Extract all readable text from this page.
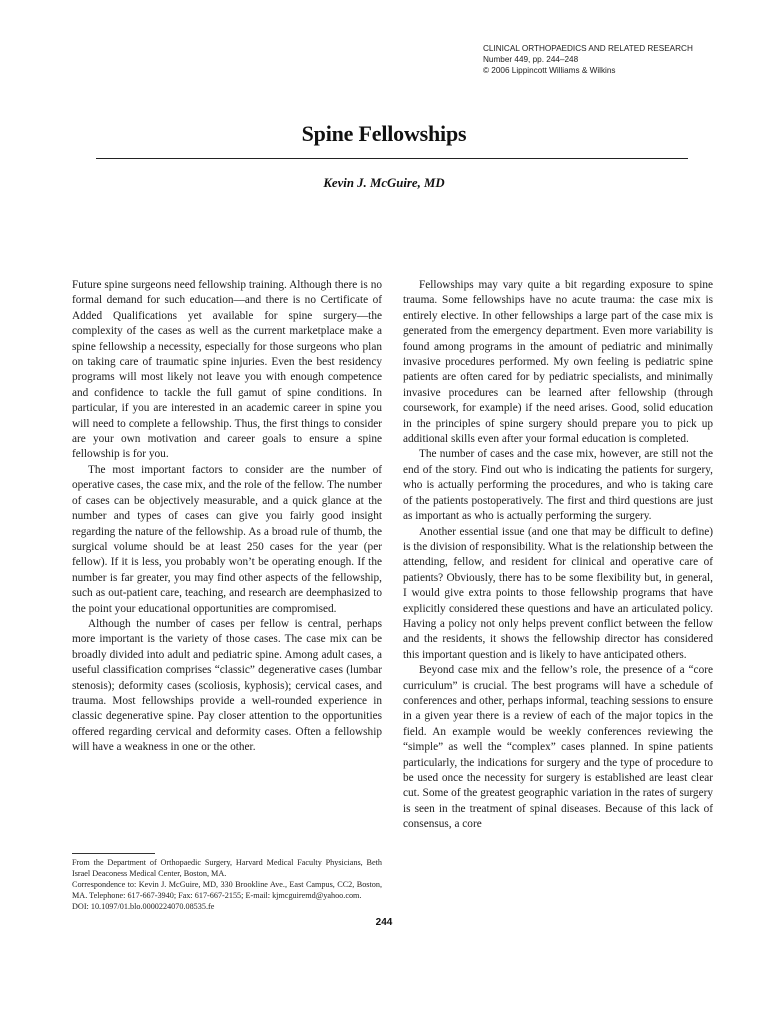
CLINICAL ORTHOPAEDICS AND RELATED RESEARCH
Number 449, pp. 244–248
© 2006 Lippincott Williams & Wilkins
Spine Fellowships
Kevin J. McGuire, MD

Future spine surgeons need fellowship training. Although there is no formal demand for such education—and there is no Certificate of Added Qualifications yet available for spine surgery—the complexity of the cases as well as the current marketplace make a spine fellowship a necessity, especially for those surgeons who plan on taking care of traumatic spine injuries. Even the best residency programs will most likely not leave you with enough competence and confidence to tackle the full gamut of spine conditions. In particular, if you are interested in an academic career in spine you will need to complete a fellowship. Thus, the first things to consider are your own motivation and career goals to ensure a spine fellowship is for you.

The most important factors to consider are the number of operative cases, the case mix, and the role of the fellow. The number of cases can be objectively measurable, and a quick glance at the number and types of cases can give you fairly good insight regarding the nature of the fellowship. As a broad rule of thumb, the surgical volume should be at least 250 cases for the year (per fellow). If it is less, you probably won’t be operating enough. If the number is far greater, you may find other aspects of the fellowship, such as out-patient care, teaching, and research are deemphasized to the point your educational opportunities are compromised.

Although the number of cases per fellow is central, perhaps more important is the variety of those cases. The case mix can be broadly divided into adult and pediatric spine. Among adult cases, a useful classification comprises “classic” degenerative cases (lumbar stenosis); deformity cases (scoliosis, kyphosis); cervical cases, and trauma. Most fellowships provide a well-rounded experience in classic degenerative spine. Pay closer attention to the opportunities offered regarding cervical and deformity cases. Often a fellowship will have a weakness in one or the other.

Fellowships may vary quite a bit regarding exposure to spine trauma. Some fellowships have no acute trauma: the case mix is entirely elective. In other fellowships a large part of the case mix is generated from the emergency department. Even more variability is found among programs in the amount of pediatric and minimally invasive procedures performed. My own feeling is pediatric spine patients are often cared for by pediatric specialists, and minimally invasive procedures can be learned after fellowship (through coursework, for example) if the need arises. Good, solid education in the principles of spine surgery should prepare you to pick up additional skills even after your formal education is completed.

The number of cases and the case mix, however, are still not the end of the story. Find out who is indicating the patients for surgery, who is actually performing the procedures, and who is taking care of the patients postoperatively. The first and third questions are just as important as who is actually performing the surgery.

Another essential issue (and one that may be difficult to define) is the division of responsibility. What is the relationship between the attending, fellow, and resident for clinical and operative care of patients? Obviously, there has to be some flexibility but, in general, I would give extra points to those fellowship programs that have explicitly considered these questions and have an articulated policy. Having a policy not only helps prevent conflict between the fellow and the residents, it shows the fellowship director has considered this important question and is likely to have anticipated others.

Beyond case mix and the fellow’s role, the presence of a “core curriculum” is crucial. The best programs will have a schedule of conferences and other, perhaps informal, teaching sessions to ensure in a given year there is a review of each of the major topics in the field. An example would be weekly conferences reviewing the “simple” as well the “complex” cases planned. In spine patients particularly, the indications for surgery and the type of procedure to be used once the necessity for surgery is established are least clear cut. Some of the greatest geographic variation in the rates of surgery is seen in the treatment of spinal diseases. Because of this lack of consensus, a core

From the Department of Orthopaedic Surgery, Harvard Medical Faculty Physicians, Beth Israel Deaconess Medical Center, Boston, MA.
Correspondence to: Kevin J. McGuire, MD, 330 Brookline Ave., East Campus, CC2, Boston, MA. Telephone: 617-667-3940; Fax: 617-667-2155; E-mail: kjmcguiremd@yahoo.com.
DOI: 10.1097/01.blo.0000224070.08535.fe
244
